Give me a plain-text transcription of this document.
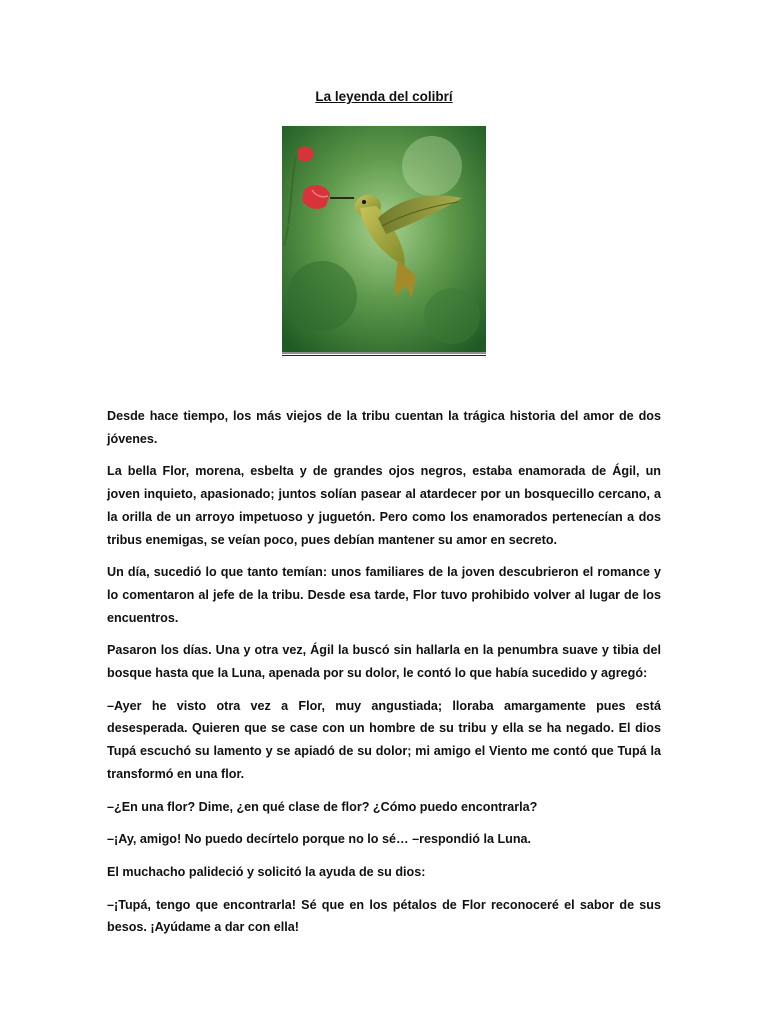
La leyenda del colibrí

Desde hace tiempo, los más viejos de la tribu cuentan la trágica historia del amor de dos jóvenes.

La bella Flor, morena, esbelta y de grandes ojos negros, estaba enamorada de Ágil, un joven inquieto, apasionado; juntos solían pasear al atardecer por un bosquecillo cercano, a la orilla de un arroyo impetuoso y juguetón. Pero como los enamorados pertenecían a dos tribus enemigas, se veían poco, pues debían mantener su amor en secreto.

Un día, sucedió lo que tanto temían: unos familiares de la joven descubrieron el romance y lo comentaron al jefe de la tribu. Desde esa tarde, Flor tuvo prohibido volver al lugar de los encuentros.

Pasaron los días. Una y otra vez, Ágil la buscó sin hallarla en la penumbra suave y tibia del bosque hasta que la Luna, apenada por su dolor, le contó lo que había sucedido y agregó:

–Ayer he visto otra vez a Flor, muy angustiada; lloraba amargamente pues está desesperada. Quieren que se case con un hombre de su tribu y ella se ha negado. El dios Tupá escuchó su lamento y se apiadó de su dolor; mi amigo el Viento me contó que Tupá la transformó en una flor.

–¿En una flor? Dime, ¿en qué clase de flor? ¿Cómo puedo encontrarla?

–¡Ay, amigo! No puedo decírtelo porque no lo sé… –respondió la Luna.

El muchacho palideció y solicitó la ayuda de su dios:

–¡Tupá, tengo que encontrarla! Sé que en los pétalos de Flor reconoceré el sabor de sus besos. ¡Ayúdame a dar con ella!
